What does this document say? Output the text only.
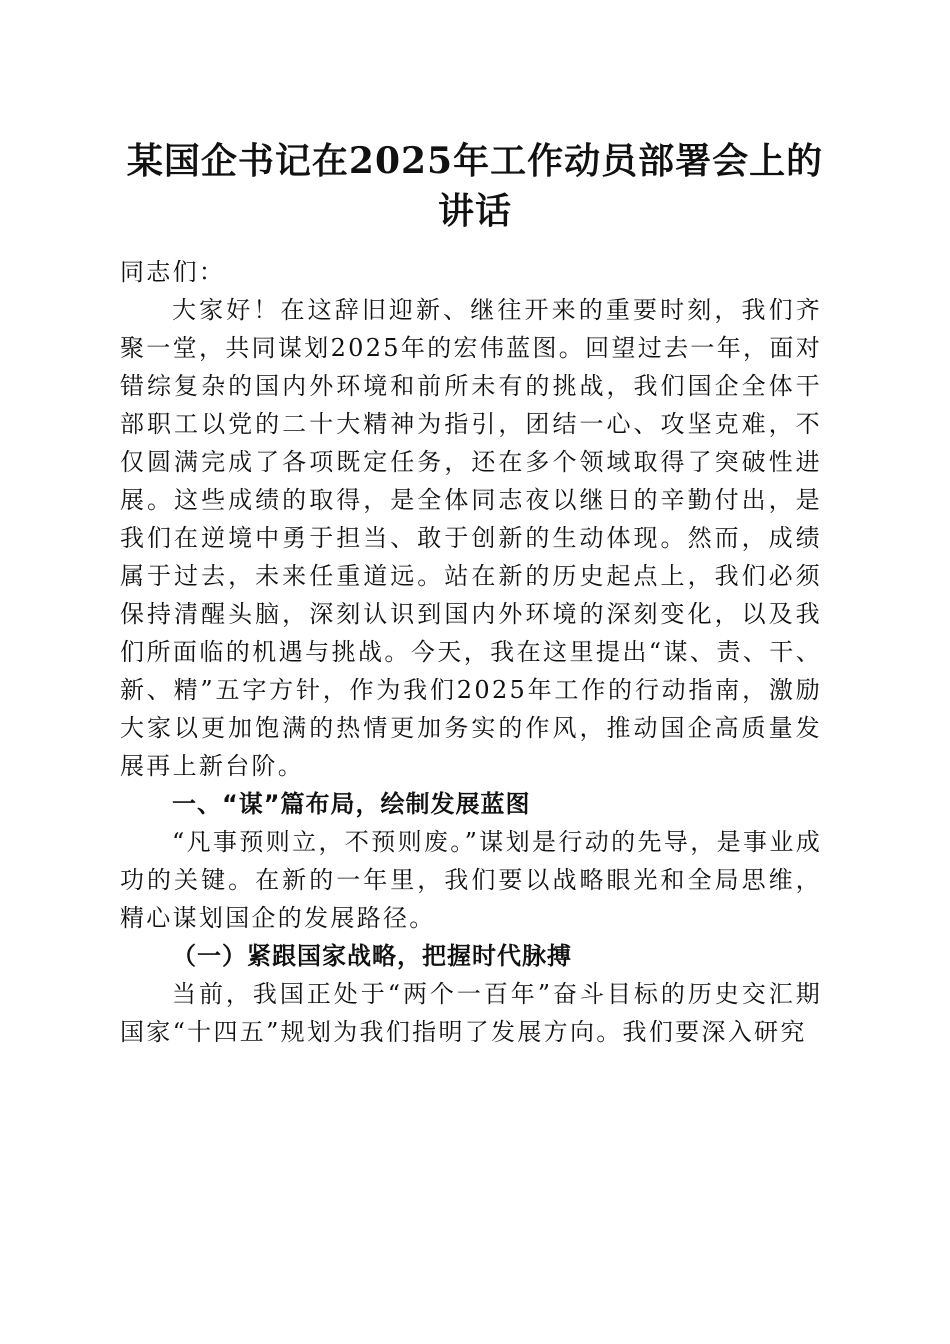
某国企书记在2025年工作动员部署会上的讲话

同志们：

大家好！在这辞旧迎新、继往开来的重要时刻，我们齐聚一堂，共同谋划2025年的宏伟蓝图。回望过去一年，面对错综复杂的国内外环境和前所未有的挑战，我们国企全体干部职工以党的二十大精神为指引，团结一心、攻坚克难，不仅圆满完成了各项既定任务，还在多个领域取得了突破性进展。这些成绩的取得，是全体同志夜以继日的辛勤付出，是我们在逆境中勇于担当、敢于创新的生动体现。然而，成绩属于过去，未来任重道远。站在新的历史起点上，我们必须保持清醒头脑，深刻认识到国内外环境的深刻变化，以及我们所面临的机遇与挑战。今天，我在这里提出“谋、责、干、新、精”五字方针，作为我们2025年工作的行动指南，激励大家以更加饱满的热情更加务实的作风，推动国企高质量发展再上新台阶。

一、“谋”篇布局，绘制发展蓝图

“凡事预则立，不预则废。”谋划是行动的先导，是事业成功的关键。在新的一年里，我们要以战略眼光和全局思维，精心谋划国企的发展路径。

（一）紧跟国家战略，把握时代脉搏

当前，我国正处于“两个一百年”奋斗目标的历史交汇期国家“十四五”规划为我们指明了发展方向。我们要深入研究
